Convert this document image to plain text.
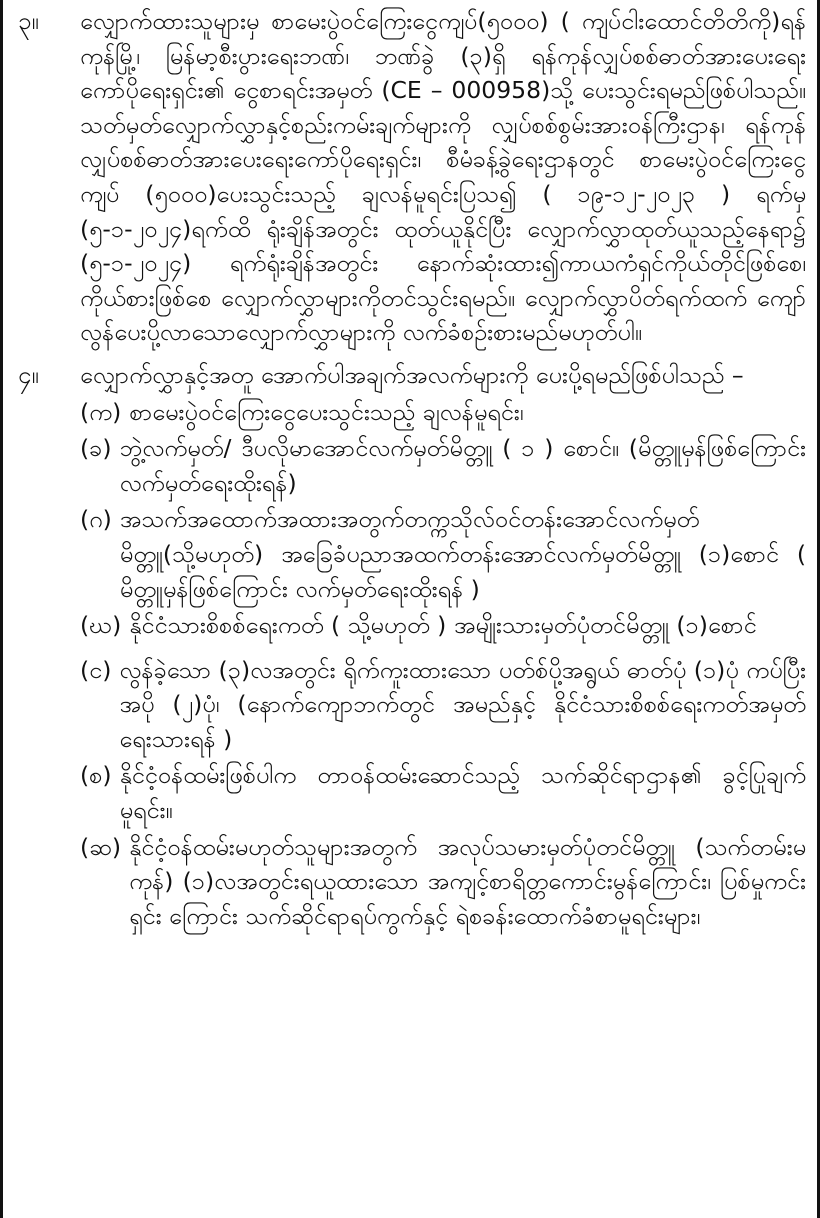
၃။	လျှောက်ထားသူများမှ စာမေးပွဲဝင်ကြေးငွေကျပ်(၅၀၀၀) ( ကျပ်ငါးထောင်တိတိကို)ရန်ကုန်မြို့၊ မြန်မာ့စီးပွားရေးဘဏ်၊ ဘဏ်ခွဲ (၃)ရှိ ရန်ကုန်လျှပ်စစ်ဓာတ်အားပေးရေးကော်ပိုရေးရှင်း၏ ငွေစာရင်းအမှတ် (CE – 000958)သို့ ပေးသွင်းရမည်ဖြစ်ပါသည်။ သတ်မှတ်လျှောက်လွှာနှင့်စည်းကမ်းချက်များကို လျှပ်စစ်စွမ်းအားဝန်ကြီးဌာန၊ ရန်ကုန်လျှပ်စစ်ဓာတ်အားပေးရေးကော်ပိုရေးရှင်း၊ စီမံခန့်ခွဲရေးဌာနတွင် စာမေးပွဲဝင်ကြေးငွေကျပ် (၅၀၀၀)ပေးသွင်းသည့် ချလန်မူရင်းပြသ၍ ( ၁၉-၁၂-၂၀၂၃ ) ရက်မှ (၅-၁-၂၀၂၄)ရက်ထိ ရုံးချိန်အတွင်း ထုတ်ယူနိုင်ပြီး လျှောက်လွှာထုတ်ယူသည့်နေရာ၌ (၅-၁-၂၀၂၄) ရက်ရုံးချိန်အတွင်း နောက်ဆုံးထား၍ကာယကံရှင်ကိုယ်တိုင်ဖြစ်စေ၊ ကိုယ်စားဖြစ်စေ လျှောက်လွှာများကိုတင်သွင်းရမည်။ လျှောက်လွှာပိတ်ရက်ထက် ကျော်လွန်ပေးပို့လာသောလျှောက်လွှာများကို လက်ခံစဉ်းစားမည်မဟုတ်ပါ။
၄။	လျှောက်လွှာနှင့်အတူ အောက်ပါအချက်အလက်များကို ပေးပို့ရမည်ဖြစ်ပါသည် –
(က) စာမေးပွဲဝင်ကြေးငွေပေးသွင်းသည့် ချလန်မူရင်း၊
(ခ) ဘွဲ့လက်မှတ်/ ဒီပလိုမာအောင်လက်မှတ်မိတ္တူ ( ၁ ) စောင်။ (မိတ္တူမှန်ဖြစ်ကြောင်း လက်မှတ်ရေးထိုးရန်)
(ဂ) အသက်အထောက်အထားအတွက်တက္ကသိုလ်ဝင်တန်းအောင်လက်မှတ်မိတ္တူ(သို့မဟုတ်) အခြေခံပညာအထက်တန်းအောင်လက်မှတ်မိတ္တူ (၁)စောင် ( မိတ္တူမှန်ဖြစ်ကြောင်း လက်မှတ်ရေးထိုးရန် )
(ဃ) နိုင်ငံသားစိစစ်ရေးကတ် ( သို့မဟုတ် ) အမျိုးသားမှတ်ပုံတင်မိတ္တူ (၁)စောင်
(င) လွန်ခဲ့သော (၃)လအတွင်း ရိုက်ကူးထားသော ပတ်စ်ပို့အရွယ် ဓာတ်ပုံ (၁)ပုံ ကပ်ပြီး အပို (၂)ပုံ၊ (နောက်ကျောဘက်တွင် အမည်နှင့် နိုင်ငံသားစိစစ်ရေးကတ်အမှတ် ရေးသားရန် )
(စ) နိုင်ငံ့ဝန်ထမ်းဖြစ်ပါက တာဝန်ထမ်းဆောင်သည့် သက်ဆိုင်ရာဌာန၏ ခွင့်ပြုချက်မူရင်း။
(ဆ) နိုင်ငံ့ဝန်ထမ်းမဟုတ်သူများအတွက် အလုပ်သမားမှတ်ပုံတင်မိတ္တူ (သက်တမ်းမကုန်) (၁)လအတွင်းရယူထားသော အကျင့်စာရိတ္တကောင်းမွန်ကြောင်း၊ ပြစ်မှုကင်းရှင်း ကြောင်း သက်ဆိုင်ရာရပ်ကွက်နှင့် ရဲစခန်းထောက်ခံစာမူရင်းများ၊
